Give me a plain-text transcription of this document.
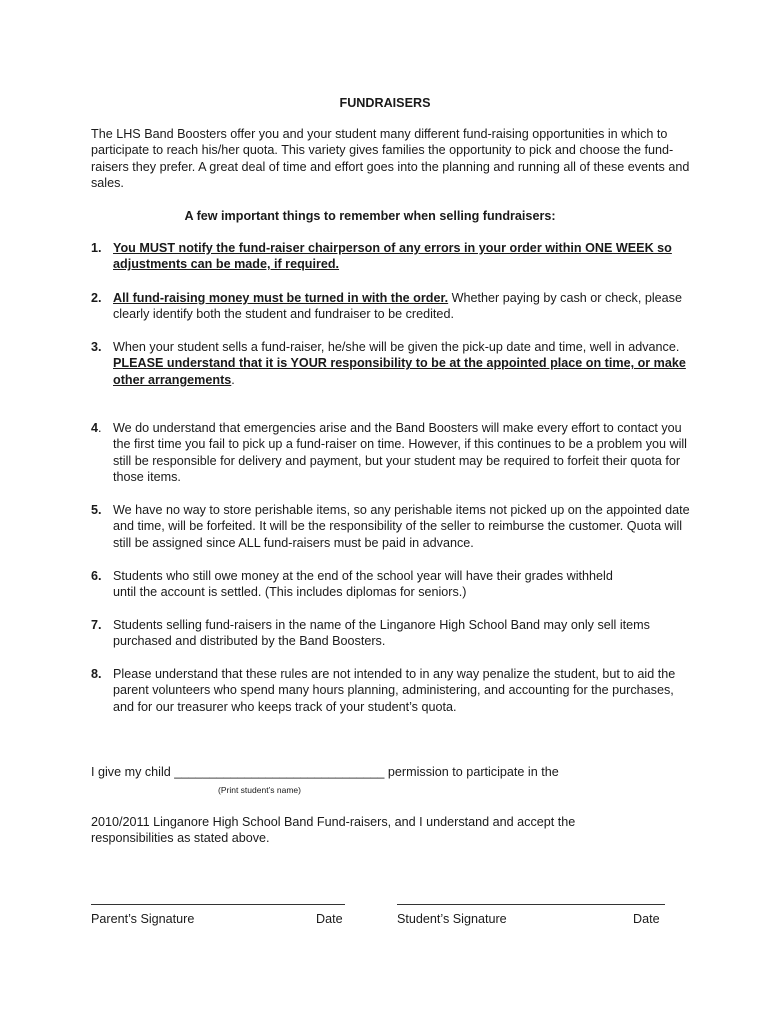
FUNDRAISERS
The LHS Band Boosters offer you and your student many different fund-raising opportunities in which to participate to reach his/her quota. This variety gives families the opportunity to pick and choose the fund-raisers they prefer. A great deal of time and effort goes into the planning and running all of these events and sales.
A few important things to remember when selling fundraisers:
1. You MUST notify the fund-raiser chairperson of any errors in your order within ONE WEEK so adjustments can be made, if required.
2. All fund-raising money must be turned in with the order. Whether paying by cash or check, please clearly identify both the student and fundraiser to be credited.
3. When your student sells a fund-raiser, he/she will be given the pick-up date and time, well in advance. PLEASE understand that it is YOUR responsibility to be at the appointed place on time, or make other arrangements.
4. We do understand that emergencies arise and the Band Boosters will make every effort to contact you the first time you fail to pick up a fund-raiser on time. However, if this continues to be a problem you will still be responsible for delivery and payment, but your student may be required to forfeit their quota for those items.
5. We have no way to store perishable items, so any perishable items not picked up on the appointed date and time, will be forfeited. It will be the responsibility of the seller to reimburse the customer. Quota will still be assigned since ALL fund-raisers must be paid in advance.
6. Students who still owe money at the end of the school year will have their grades withheld until the account is settled. (This includes diplomas for seniors.)
7. Students selling fund-raisers in the name of the Linganore High School Band may only sell items purchased and distributed by the Band Boosters.
8. Please understand that these rules are not intended to in any way penalize the student, but to aid the parent volunteers who spend many hours planning, administering, and accounting for the purchases, and for our treasurer who keeps track of your student’s quota.
I give my child ______________________________ permission to participate in the
(Print student’s name)
2010/2011 Linganore High School Band Fund-raisers, and I understand and accept the responsibilities as stated above.
Parent’s Signature	Date	Student’s Signature	Date
